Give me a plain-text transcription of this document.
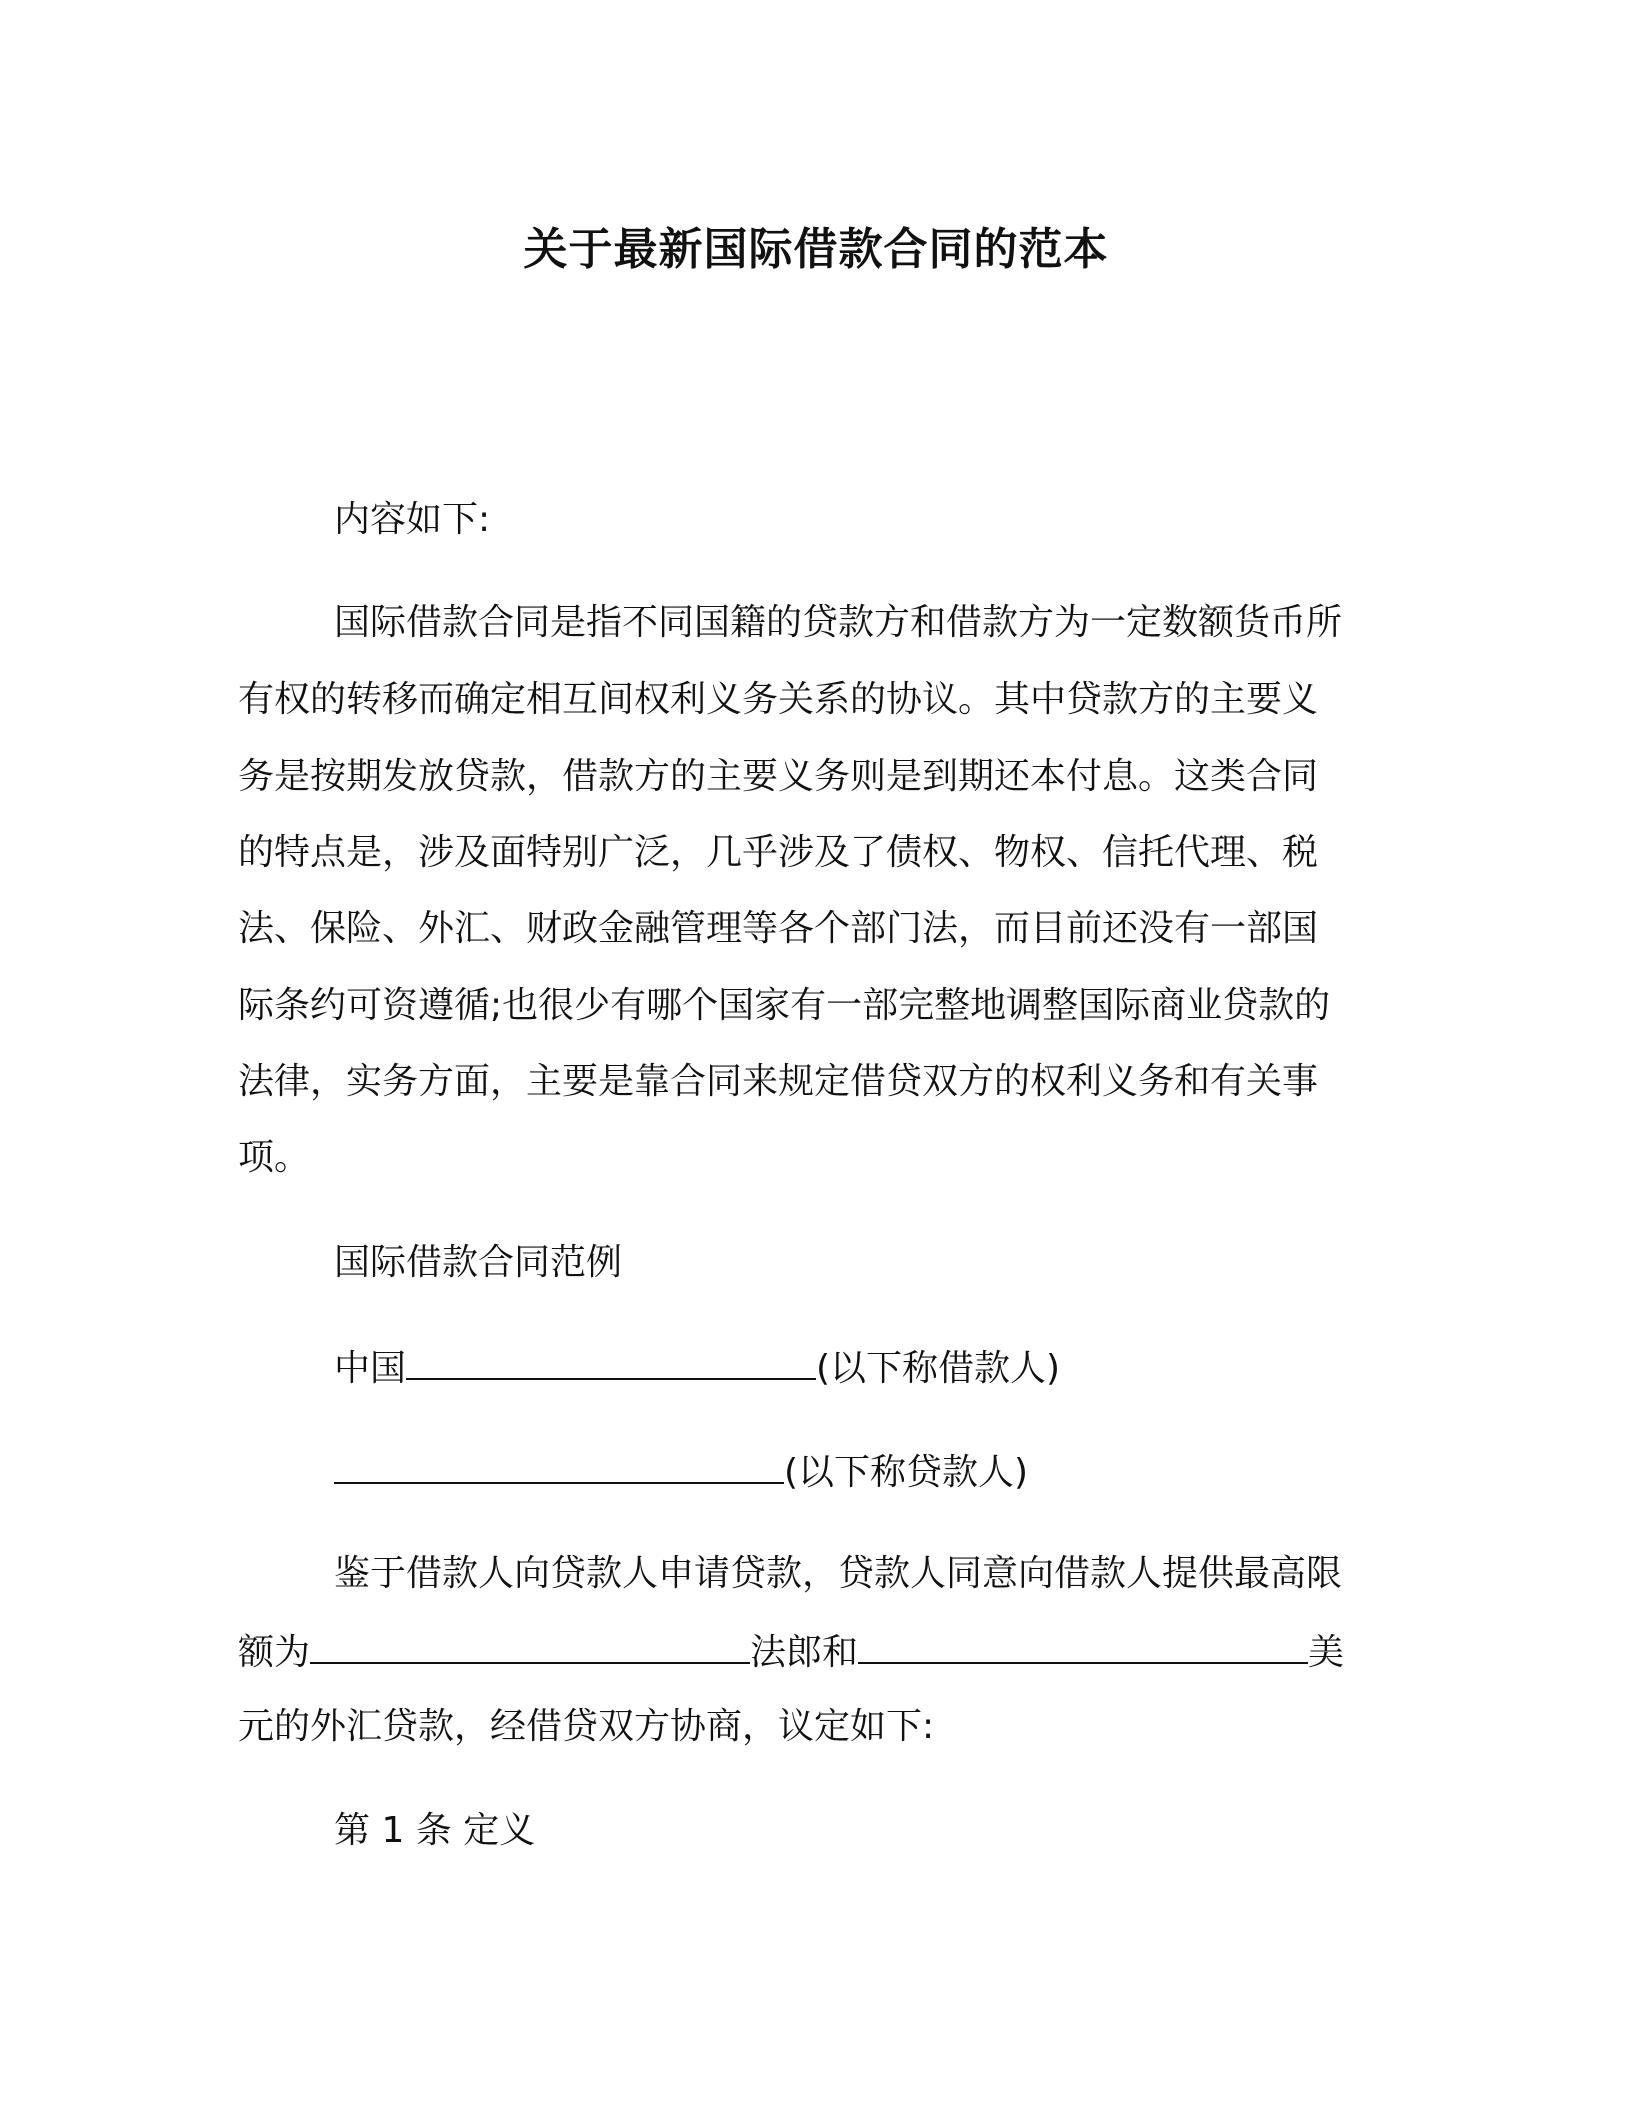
关于最新国际借款合同的范本
内容如下:
国际借款合同是指不同国籍的贷款方和借款方为一定数额货币所
有权的转移而确定相互间权利义务关系的协议。其中贷款方的主要义
务是按期发放贷款，借款方的主要义务则是到期还本付息。这类合同
的特点是，涉及面特别广泛，几乎涉及了债权、物权、信托代理、税
法、保险、外汇、财政金融管理等各个部门法，而目前还没有一部国
际条约可资遵循;也很少有哪个国家有一部完整地调整国际商业贷款的
法律，实务方面，主要是靠合同来规定借贷双方的权利义务和有关事
项。
国际借款合同范例
中国	(以下称借款人)
(以下称贷款人)
鉴于借款人向贷款人申请贷款，贷款人同意向借款人提供最高限
额为	法郎和	美
元的外汇贷款，经借贷双方协商，议定如下:
第 1 条 定义
